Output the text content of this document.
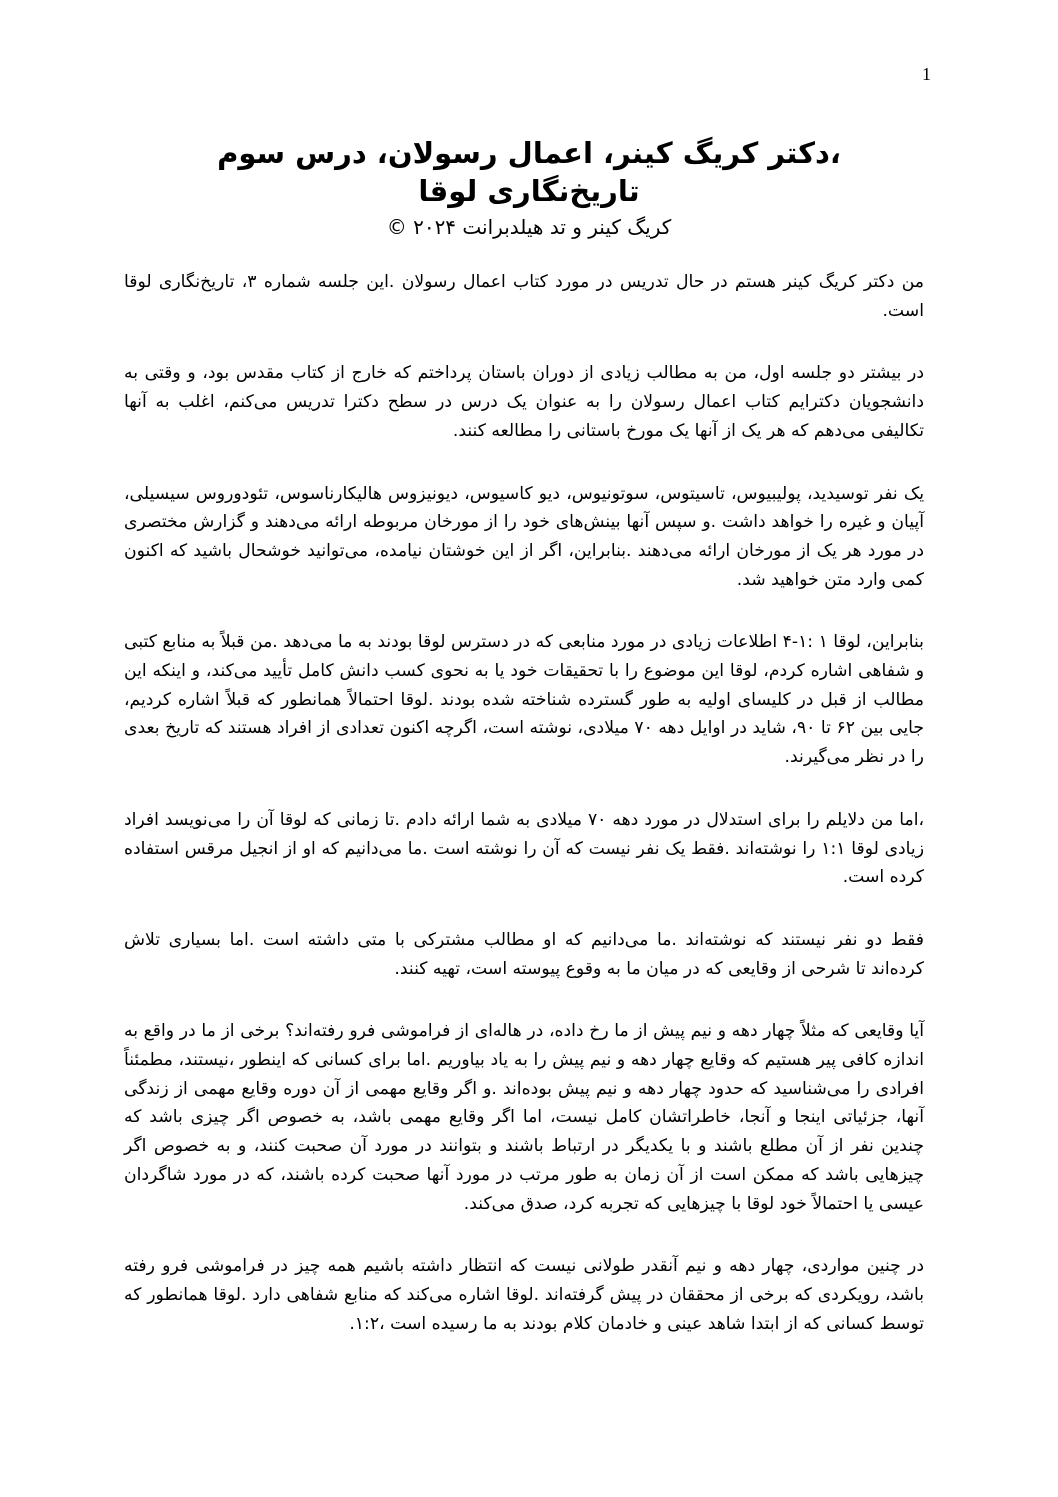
1

،دکتر کریگ کینر، اعمال رسولان، درس سوم

تاریخ‌نگاری لوقا

کریگ کینر و تد هیلدبرانت ۲۰۲۴ ©

من دکتر کریگ کینر هستم در حال تدریس در مورد کتاب اعمال رسولان .این جلسه شماره ۳، تاریخ‌نگاری لوقا است.

در بیشتر دو جلسه اول، من به مطالب زیادی از دوران باستان پرداختم که خارج از کتاب مقدس بود، و وقتی به دانشجویان دکترایم کتاب اعمال رسولان را به عنوان یک درس در سطح دکترا تدریس می‌کنم، اغلب به آنها تکالیفی می‌دهم که هر یک از آنها یک مورخ باستانی را مطالعه کنند.

یک نفر توسیدید، پولیبیوس، تاسیتوس، سوتونیوس، دیو کاسیوس، دیونیزوس هالیکارناسوس، تئودوروس سیسیلی، آپیان و غیره را خواهد داشت .و سپس آنها بینش‌های خود را از مورخان مربوطه ارائه می‌دهند و گزارش مختصری در مورد هر یک از مورخان ارائه می‌دهند .بنابراین، اگر از این خوشتان نیامده، می‌توانید خوشحال باشید که اکنون کمی وارد متن خواهید شد.

بنابراین، لوقا ۱ :۱-۴ اطلاعات زیادی در مورد منابعی که در دسترس لوقا بودند به ما می‌دهد .من قبلاً به منابع کتبی و شفاهی اشاره کردم، لوقا این موضوع را با تحقیقات خود یا به نحوی کسب دانش کامل تأیید می‌کند، و اینکه این مطالب از قبل در کلیسای اولیه به طور گسترده شناخته شده بودند .لوقا احتمالاً همانطور که قبلاً اشاره کردیم، جایی بین ۶۲ تا ۹۰، شاید در اوایل دهه ۷۰ میلادی، نوشته است، اگرچه اکنون تعدادی از افراد هستند که تاریخ بعدی را در نظر می‌گیرند.

،اما من دلایلم را برای استدلال در مورد دهه ۷۰ میلادی به شما ارائه دادم .تا زمانی که لوقا آن را می‌نویسد افراد زیادی لوقا ۱:۱ را نوشته‌اند .فقط یک نفر نیست که آن را نوشته است .ما می‌دانیم که او از انجیل مرقس استفاده کرده است.

فقط دو نفر نیستند که نوشته‌اند .ما می‌دانیم که او مطالب مشترکی با متی داشته است .اما بسیاری تلاش کرده‌اند تا شرحی از وقایعی که در میان ما به وقوع پیوسته است، تهیه کنند.

آیا وقایعی که مثلاً چهار دهه و نیم پیش از ما رخ داده، در هاله‌ای از فراموشی فرو رفته‌اند؟ برخی از ما در واقع به اندازه کافی پیر هستیم که وقایع چهار دهه و نیم پیش را به یاد بیاوریم .اما برای کسانی که اینطور ،نیستند، مطمئناً افرادی را می‌شناسید که حدود چهار دهه و نیم پیش بوده‌اند .و اگر وقایع مهمی از آن دوره وقایع مهمی از زندگی آنها، جزئیاتی اینجا و آنجا، خاطراتشان کامل نیست، اما اگر وقایع مهمی باشد، به خصوص اگر چیزی باشد که چندین نفر از آن مطلع باشند و با یکدیگر در ارتباط باشند و بتوانند در مورد آن صحبت کنند، و به خصوص اگر چیزهایی باشد که ممکن است از آن زمان به طور مرتب در مورد آنها صحبت کرده باشند، که در مورد شاگردان عیسی یا احتمالاً خود لوقا با چیزهایی که تجربه کرد، صدق می‌کند.

در چنین مواردی، چهار دهه و نیم آنقدر طولانی نیست که انتظار داشته باشیم همه چیز در فراموشی فرو رفته باشد، رویکردی که برخی از محققان در پیش گرفته‌اند .لوقا اشاره می‌کند که منابع شفاهی دارد .لوقا همانطور که توسط کسانی که از ابتدا شاهد عینی و خادمان کلام بودند به ما رسیده است ،۱:۲.
